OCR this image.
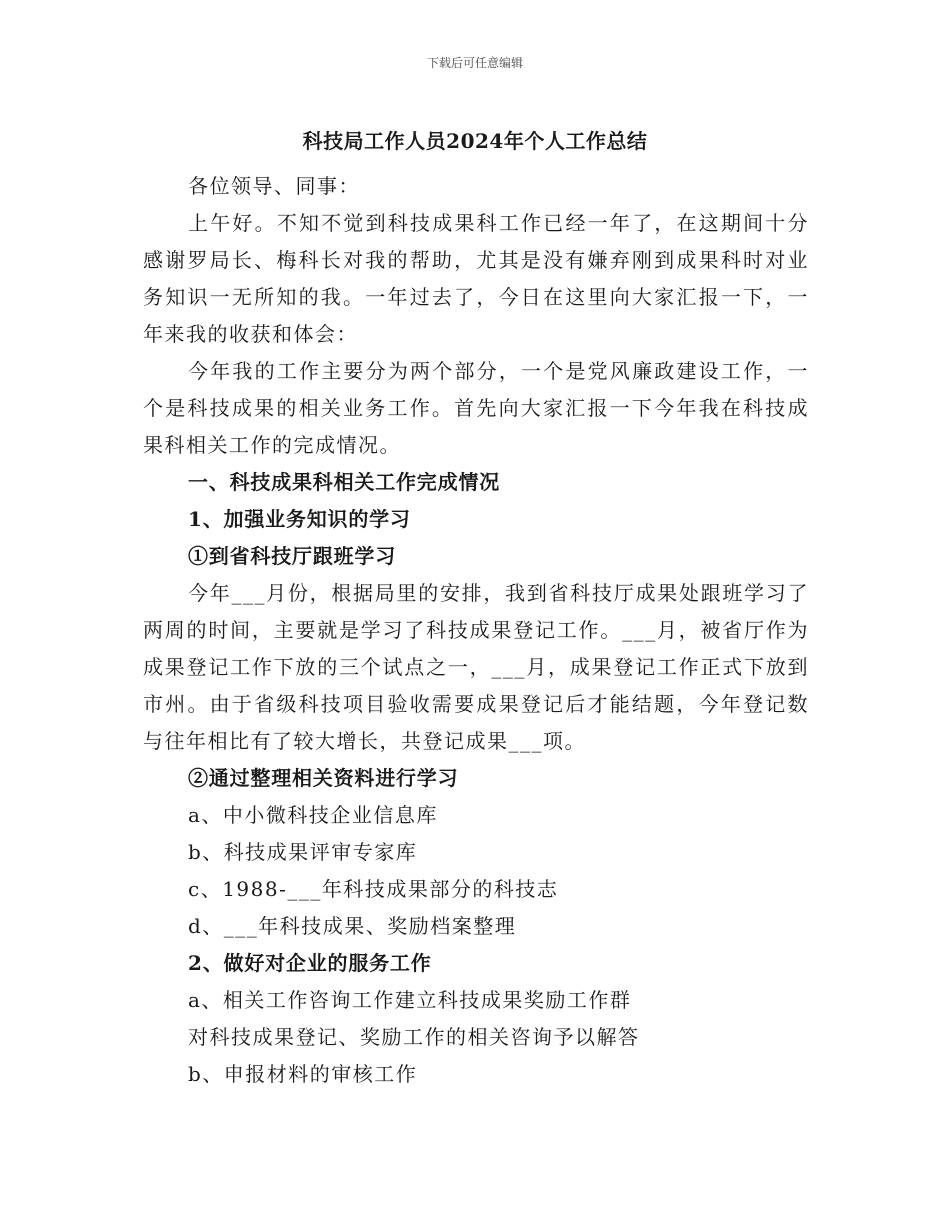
下载后可任意编辑
科技局工作人员2024年个人工作总结

各位领导、同事：

上午好。不知不觉到科技成果科工作已经一年了，在这期间十分感谢罗局长、梅科长对我的帮助，尤其是没有嫌弃刚到成果科时对业务知识一无所知的我。一年过去了，今日在这里向大家汇报一下，一年来我的收获和体会：

今年我的工作主要分为两个部分，一个是党风廉政建设工作，一个是科技成果的相关业务工作。首先向大家汇报一下今年我在科技成果科相关工作的完成情况。

一、科技成果科相关工作完成情况

1、加强业务知识的学习

①到省科技厅跟班学习

今年___月份，根据局里的安排，我到省科技厅成果处跟班学习了两周的时间，主要就是学习了科技成果登记工作。___月，被省厅作为成果登记工作下放的三个试点之一，___月，成果登记工作正式下放到市州。由于省级科技项目验收需要成果登记后才能结题，今年登记数与往年相比有了较大增长，共登记成果___项。

②通过整理相关资料进行学习

a、中小微科技企业信息库

b、科技成果评审专家库

c、1988-___年科技成果部分的科技志

d、___年科技成果、奖励档案整理

2、做好对企业的服务工作

a、相关工作咨询工作建立科技成果奖励工作群

对科技成果登记、奖励工作的相关咨询予以解答

b、申报材料的审核工作
